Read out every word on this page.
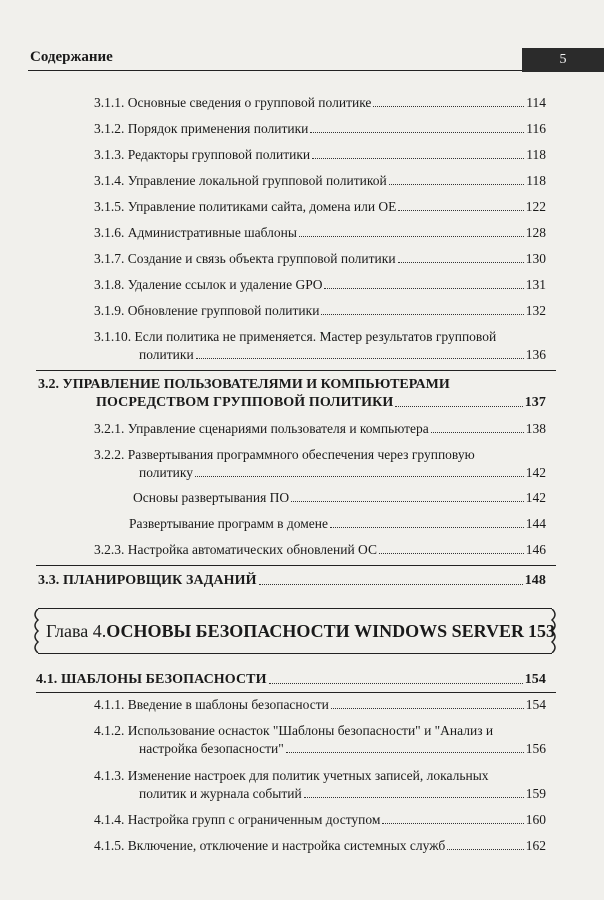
Содержание	5
3.1.1. Основные сведения о групповой политике	114
3.1.2. Порядок применения политики	116
3.1.3. Редакторы групповой политики	118
3.1.4. Управление локальной групповой политикой	118
3.1.5. Управление политиками сайта, домена или ОЕ	122
3.1.6. Административные шаблоны	128
3.1.7. Создание и связь объекта групповой политики	130
3.1.8. Удаление ссылок и удаление GPO	131
3.1.9. Обновление групповой политики	132
3.1.10. Если политика не применяется. Мастер результатов групповой
политики	136
3.2. УПРАВЛЕНИЕ ПОЛЬЗОВАТЕЛЯМИ И КОМПЬЮТЕРАМИ
ПОСРЕДСТВОМ ГРУППОВОЙ ПОЛИТИКИ	137
3.2.1. Управление сценариями пользователя и компьютера	138
3.2.2. Развертывания программного обеспечения через групповую
политику	142
Основы развертывания ПО	142
Развертывание программ в домене	144
3.2.3. Настройка автоматических обновлений ОС	146
3.3. ПЛАНИРОВЩИК ЗАДАНИЙ	148
Глава 4. ОСНОВЫ БЕЗОПАСНОСТИ WINDOWS SERVER 153
4.1. ШАБЛОНЫ БЕЗОПАСНОСТИ	154
4.1.1. Введение в шаблоны безопасности	154
4.1.2. Использование оснасток "Шаблоны безопасности" и "Анализ и
настройка безопасности"	156
4.1.3. Изменение настроек для политик учетных записей, локальных
политик и журнала событий	159
4.1.4. Настройка групп с ограниченным доступом	160
4.1.5. Включение, отключение и настройка системных служб	162
